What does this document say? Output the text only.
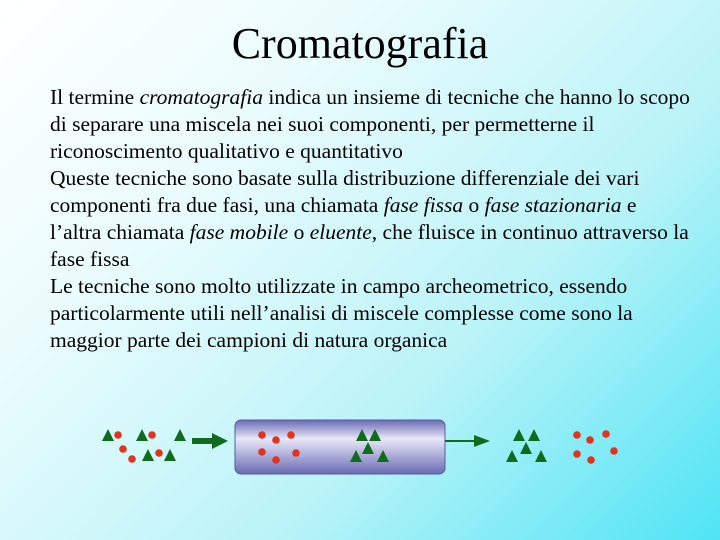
Cromatografia

Il termine cromatografia indica un insieme di tecniche che hanno lo scopo di separare una miscela nei suoi componenti, per permetterne il riconoscimento qualitativo e quantitativo

Queste tecniche sono basate sulla distribuzione differenziale dei vari componenti fra due fasi, una chiamata fase fissa o fase stazionaria e l’altra chiamata fase mobile o eluente, che fluisce in continuo attraverso la fase fissa

Le tecniche sono molto utilizzate in campo archeometrico, essendo particolarmente utili nell’analisi di miscele complesse come sono la maggior parte dei campioni di natura organica
